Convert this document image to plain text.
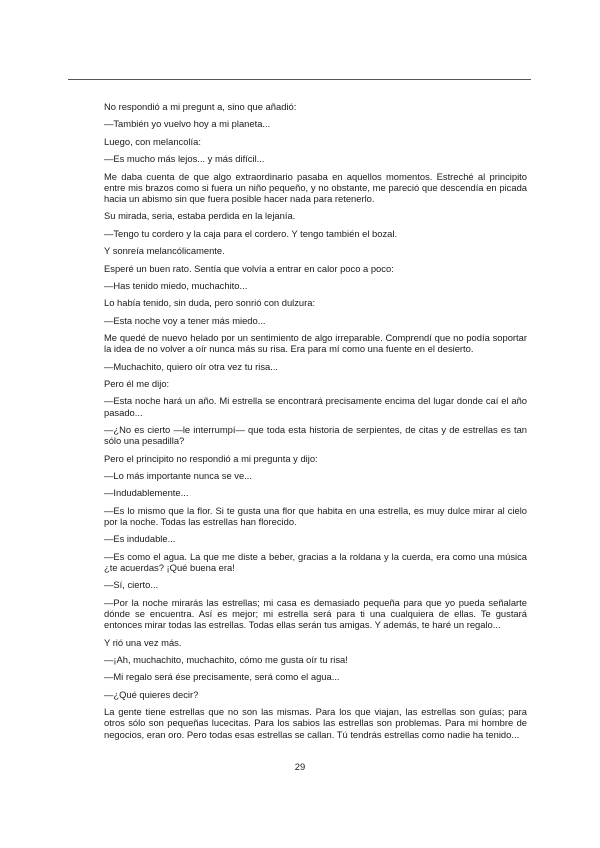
No respondió a mi pregunt a, sino que añadió:

—También yo vuelvo hoy a mi planeta...

Luego, con melancolía:

—Es mucho más lejos... y más difícil...

Me daba cuenta de que algo extraordinario pasaba en aquellos momentos. Estreché al principito entre mis brazos como si fuera un niño pequeño, y no obstante, me pareció que descendía en picada hacia un abismo sin que fuera posible hacer nada para retenerlo.

Su mirada, seria, estaba perdida en la lejanía.

—Tengo tu cordero y la caja para el cordero. Y tengo también el bozal.

Y sonreía melancólicamente.

Esperé un buen rato. Sentía que volvía a entrar en calor poco a poco:

—Has tenido miedo, muchachito...

Lo había tenido, sin duda, pero sonrió con dulzura:

—Esta noche voy a tener más miedo...

Me quedé de nuevo helado por un sentimiento de algo irreparable. Comprendí que no podía soportar la idea de no volver a oír nunca más su risa. Era para mí como una fuente en el desierto.

—Muchachito, quiero oír otra vez tu risa...

Pero él me dijo:

—Esta noche hará un año. Mi estrella se encontrará precisamente encima del lugar donde caí el año pasado...

—¿No es cierto —le interrumpí— que toda esta historia de serpientes, de citas y de estrellas es tan sólo una pesadilla?

Pero el principito no respondió a mi pregunta y dijo:

—Lo más importante nunca se ve...

—Indudablemente...

—Es lo mismo que la flor. Si te gusta una flor que habita en una estrella, es muy dulce mirar al cielo por la noche. Todas las estrellas han florecido.

—Es indudable...

—Es como el agua. La que me diste a beber, gracias a la roldana y la cuerda, era como una música ¿te acuerdas? ¡Qué buena era!

—Sí, cierto...

—Por la noche mirarás las estrellas; mi casa es demasiado pequeña para que yo pueda señalarte dónde se encuentra. Así es mejor; mi estrella será para ti una cualquiera de ellas. Te gustará entonces mirar todas las estrellas. Todas ellas serán tus amigas. Y además, te haré un regalo...

Y rió una vez más.

—¡Ah, muchachito, muchachito, cómo me gusta oír tu risa!

—Mi regalo será ése precisamente, será como el agua...

—¿Qué quieres decir?

La gente tiene estrellas que no son las mismas. Para los que viajan, las estrellas son guías; para otros sólo son pequeñas lucecitas. Para los sabios las estrellas son problemas. Para mi hombre de negocios, eran oro. Pero todas esas estrellas se callan. Tú tendrás estrellas como nadie ha tenido...

29
